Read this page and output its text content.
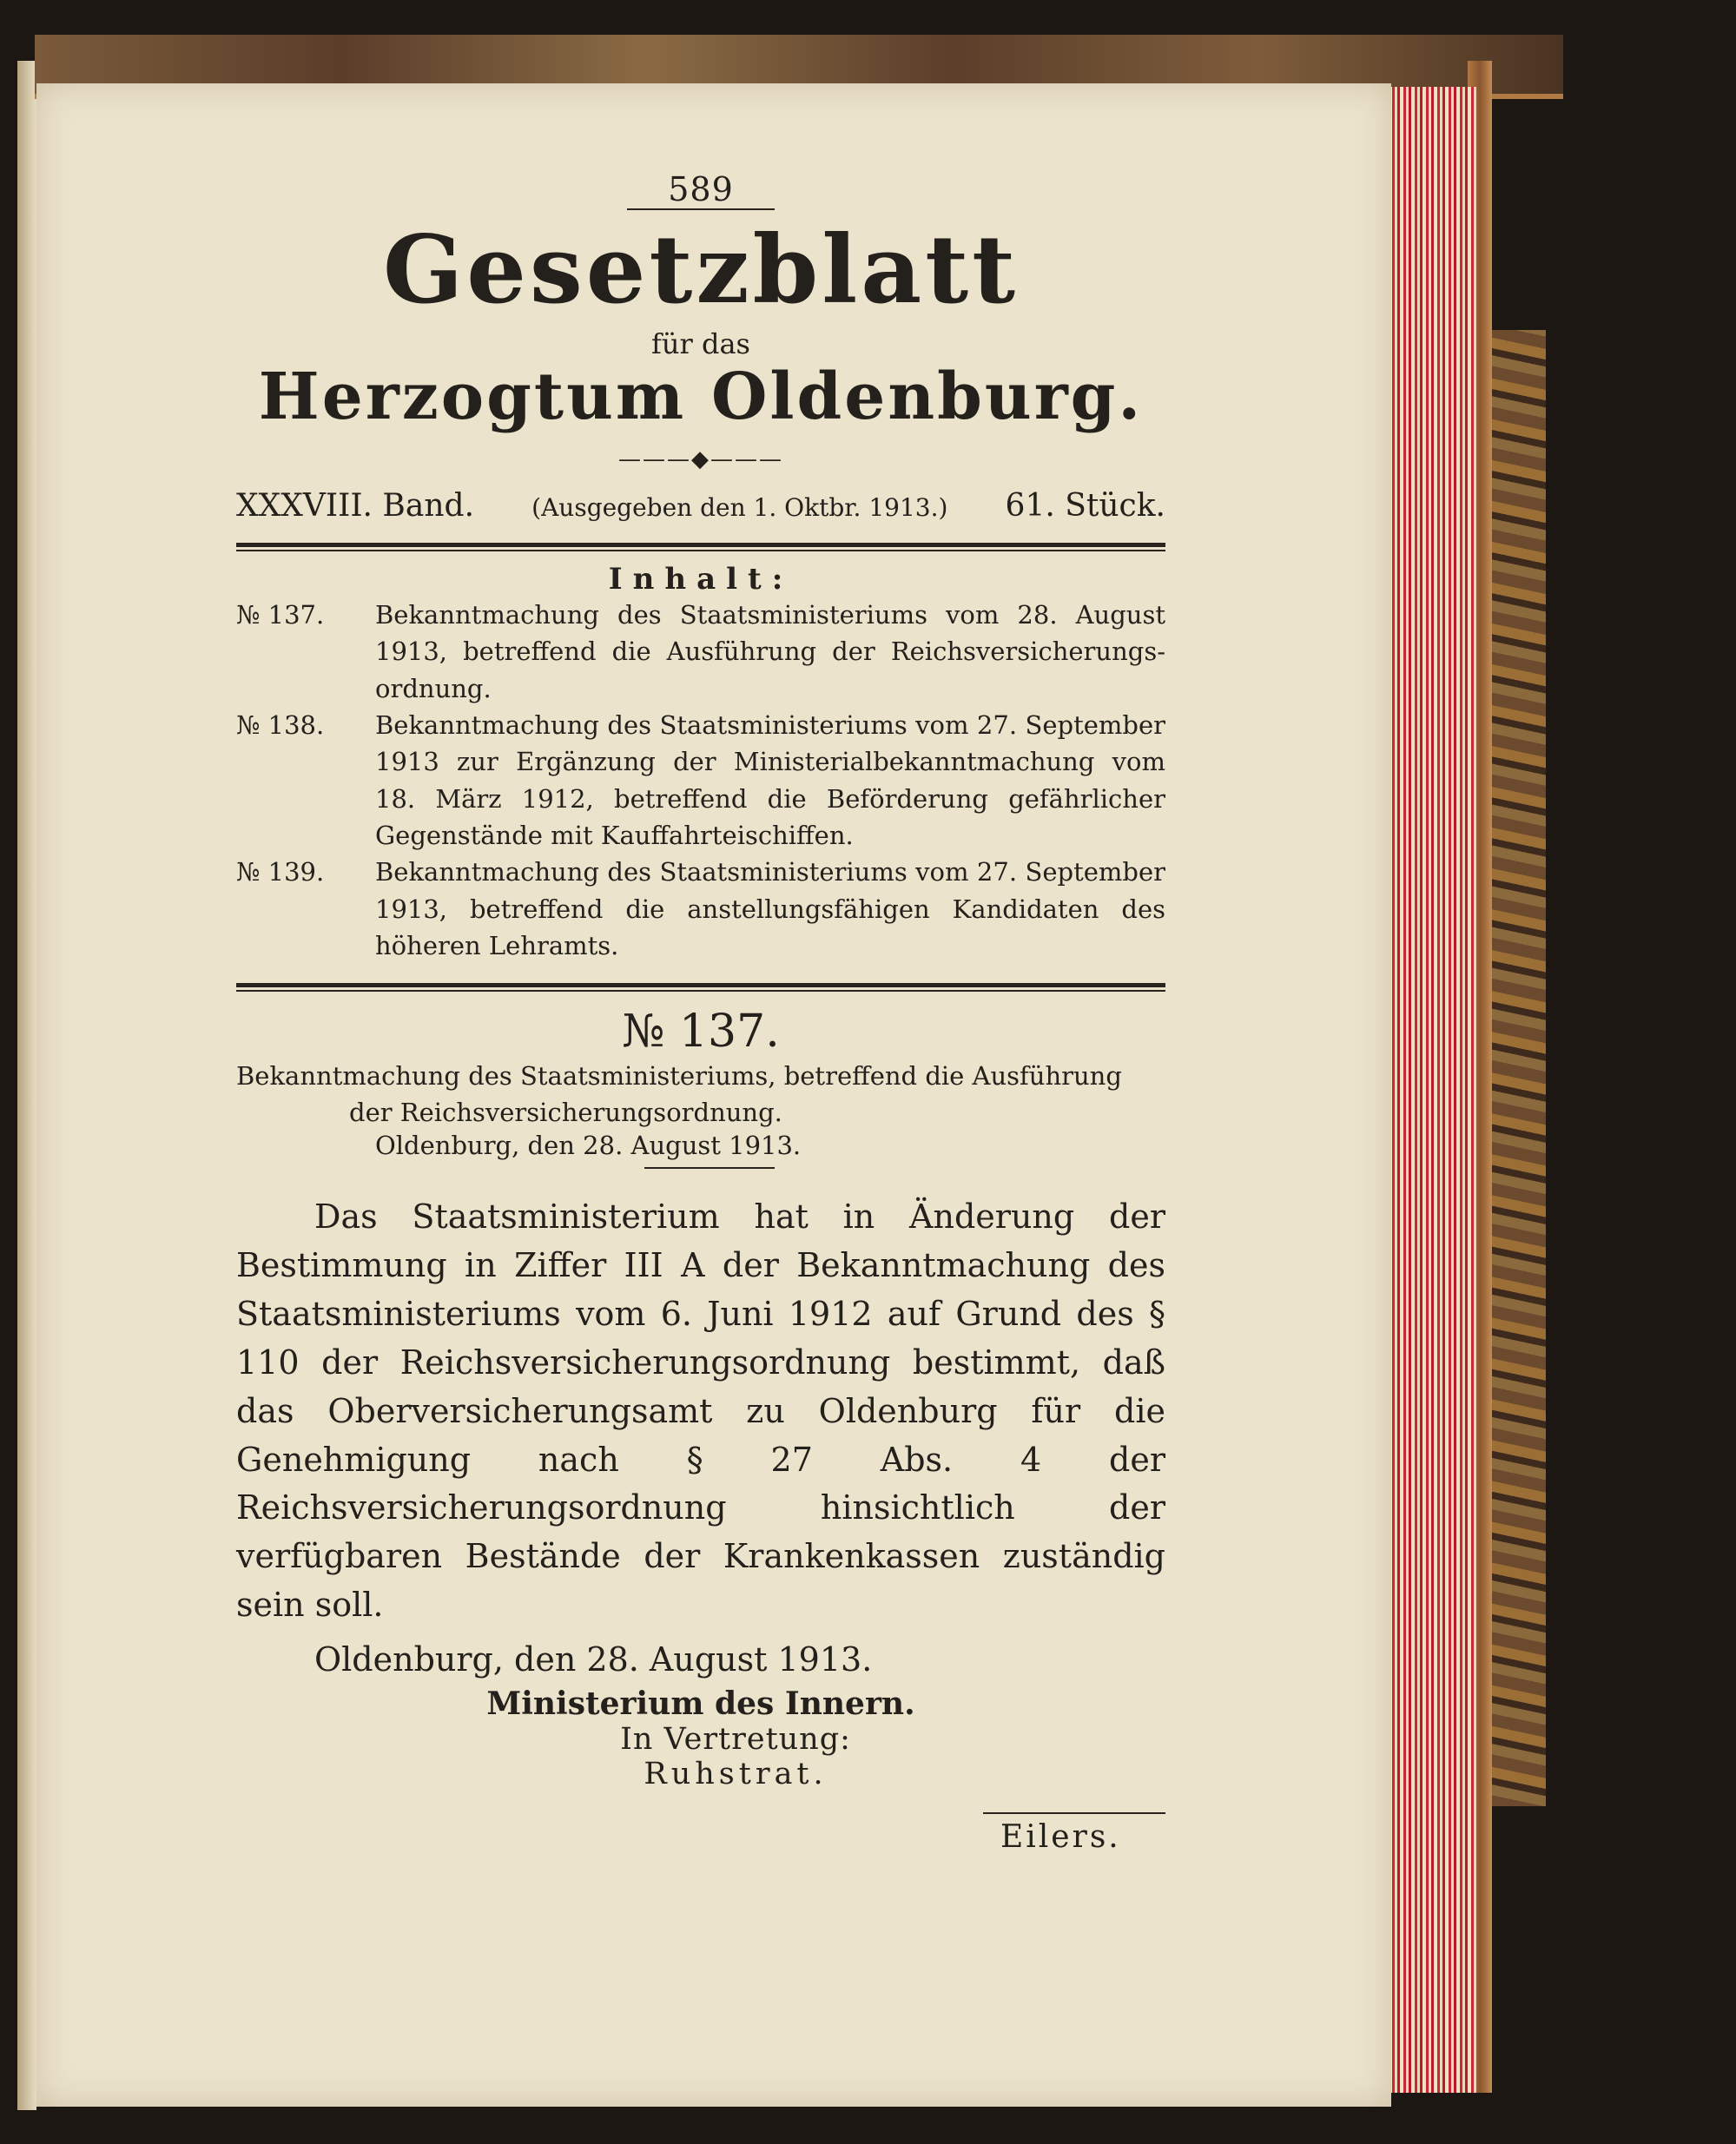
589
Gesetzblatt
für das
Herzogtum Oldenburg.
———◆———
XXXVIII. Band. (Ausgegeben den 1. Oktbr. 1913.) 61. Stück.
Inhalt:
№ 137.	Bekanntmachung des Staatsministeriums vom 28. August 1913, betreffend die Ausführung der Reichsversicherungs-ordnung.
№ 138.	Bekanntmachung des Staatsministeriums vom 27. September 1913 zur Ergänzung der Ministerialbekanntmachung vom 18. März 1912, betreffend die Beförderung gefährlicher Gegenstände mit Kauffahrteischiffen.
№ 139.	Bekanntmachung des Staatsministeriums vom 27. September 1913, betreffend die anstellungsfähigen Kandidaten des höheren Lehramts.
№ 137.
Bekanntmachung des Staatsministeriums, betreffend die Ausführung
der Reichsversicherungsordnung.
Oldenburg, den 28. August 1913.

Das Staatsministerium hat in Änderung der Bestimmung in Ziffer III A der Bekanntmachung des Staatsministeriums vom 6. Juni 1912 auf Grund des § 110 der Reichsversicherungsordnung bestimmt, daß das Oberversicherungsamt zu Oldenburg für die Genehmigung nach § 27 Abs. 4 der Reichsversicherungsordnung hinsichtlich der verfügbaren Bestände der Krankenkassen zuständig sein soll.

Oldenburg, den 28. August 1913.
Ministerium des Innern.
In Vertretung:
Ruhstrat.
Eilers.
